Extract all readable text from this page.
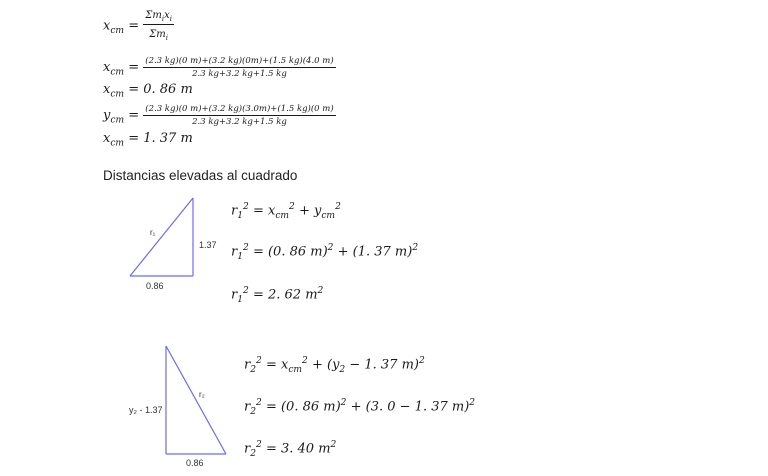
$x_{cm} = \frac{\Sigma m_ix_i}{\Sigma m_i}$
$x_{cm} = \frac{(2.3 kg)(0 m)+(3.2 kg)(0m)+(1.5 kg)(4.0 m)}{2.3 kg+3.2 kg+1.5 kg}$
$x_{cm} = 0$. 86 m
$y_{cm} = \frac{(2.3 kg)(0 m)+(3.2 kg)(3.0m)+(1.5 kg)(0 m)}{2.3 kg+3.2 kg+1.5 kg}$
$x_{cm} = 1$. 37 m
Distancias elevadas al cuadrado
r₁
1.37
0.86
r₂
y₂ - 1.37
0.86
$r_1^2 = x_{cm}^2 + y_{cm}^2$
$r_1^2 = (0$. 86 m)$^2$ + (1. 37 m)$^2$
$r_1^2 = 2$. 62 $m^2$
$r_2^2 = x_{cm}^2 + (y_2 - 1$. 37 m)$^2$
$r_2^2 = (0$. 86 m)$^2$ + (3. 0 − 1. 37 m)$^2$
$r_2^2 = 3$. 40 $m^2$
